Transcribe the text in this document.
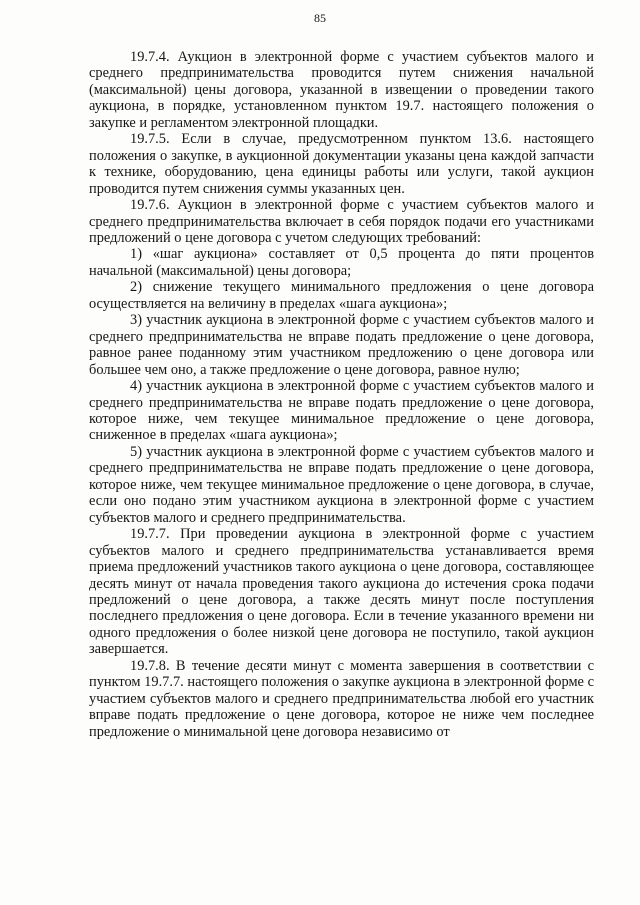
85

19.7.4. Аукцион в электронной форме с участием субъектов малого и среднего предпринимательства проводится путем снижения начальной (максимальной) цены договора, указанной в извещении о проведении такого аукциона, в порядке, установленном пунктом 19.7. настоящего положения о закупке и регламентом электронной площадки.

19.7.5. Если в случае, предусмотренном пунктом 13.6. настоящего положения о закупке, в аукционной документации указаны цена каждой запчасти к технике, оборудованию, цена единицы работы или услуги, такой аукцион проводится путем снижения суммы указанных цен.

19.7.6. Аукцион в электронной форме с участием субъектов малого и среднего предпринимательства включает в себя порядок подачи его участниками предложений о цене договора с учетом следующих требований:

1) «шаг аукциона» составляет от 0,5 процента до пяти процентов начальной (максимальной) цены договора;

2) снижение текущего минимального предложения о цене договора осуществляется на величину в пределах «шага аукциона»;

3) участник аукциона в электронной форме с участием субъектов малого и среднего предпринимательства не вправе подать предложение о цене договора, равное ранее поданному этим участником предложению о цене договора или большее чем оно, а также предложение о цене договора, равное нулю;

4) участник аукциона в электронной форме с участием субъектов малого и среднего предпринимательства не вправе подать предложение о цене договора, которое ниже, чем текущее минимальное предложение о цене договора, сниженное в пределах «шага аукциона»;

5) участник аукциона в электронной форме с участием субъектов малого и среднего предпринимательства не вправе подать предложение о цене договора, которое ниже, чем текущее минимальное предложение о цене договора, в случае, если оно подано этим участником аукциона в электронной форме с участием субъектов малого и среднего предпринимательства.

19.7.7. При проведении аукциона в электронной форме с участием субъектов малого и среднего предпринимательства устанавливается время приема предложений участников такого аукциона о цене договора, составляющее десять минут от начала проведения такого аукциона до истечения срока подачи предложений о цене договора, а также десять минут после поступления последнего предложения о цене договора. Если в течение указанного времени ни одного предложения о более низкой цене договора не поступило, такой аукцион завершается.

19.7.8. В течение десяти минут с момента завершения в соответствии с пунктом 19.7.7. настоящего положения о закупке аукциона в электронной форме с участием субъектов малого и среднего предпринимательства любой его участник вправе подать предложение о цене договора, которое не ниже чем последнее предложение о минимальной цене договора независимо от
